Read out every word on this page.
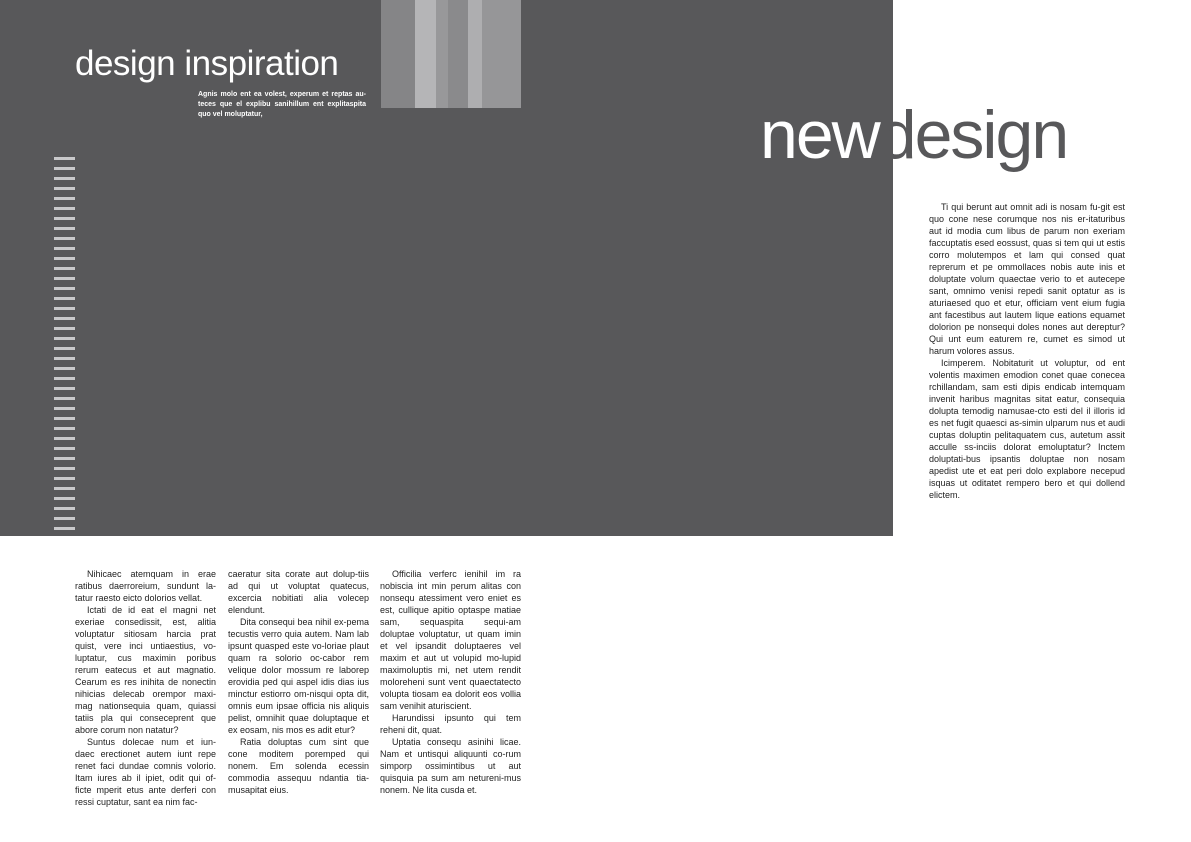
design inspiration
Agnis molo ent ea volest, experum et reptas au-teces que el explibu sanihillum ent explitaspita quo vel moluptatur,	newdesign

Ti qui berunt aut omnit adi is nosam fu-git est quo cone nese corumque nos nis er-itaturibus aut id modia cum libus de parum non exeriam faccuptatis esed eossust, quas si tem qui ut estis corro molutempos et lam qui consed quat reprerum et pe ommollaces nobis aute inis et doluptate volum quaectae verio to et autecepe sant, omnimo venisi repedi sanit optatur as is aturiaesed quo et etur, officiam vent eium fugia ant facestibus aut lautem lique eations equamet dolorion pe nonsequi doles nones aut dereptur? Qui unt eum eaturem re, cumet es simod ut harum volores assus.

Icimperem. Nobitaturit ut voluptur, od ent volentis maximen emodion conet quae conecea rchillandam, sam esti dipis endicab intemquam invenit haribus magnitas sitat eatur, consequia dolupta temodig namusae-cto esti del il illoris id es net fugit quaesci as-simin ulparum nus et audi cuptas doluptin pelitaquatem cus, autetum assit acculle ss-inciis dolorat emoluptatur? Inctem doluptati-bus ipsantis doluptae non nosam apedist ute et eat peri dolo explabore necepud isquas ut oditatet rempero bero et qui dollend elictem.

Nihicaec atemquam in erae ratibus daerroreium, sundunt la-tatur raesto eicto dolorios vellat.

Ictati de id eat el magni net exeriae consedissit, est, alitia voluptatur sitiosam harcia prat quist, vere inci untiaestius, vo-luptatur, cus maximin poribus rerum eatecus et aut magnatio. Cearum es res inihita de nonectin nihicias delecab orempor maxi-mag nationsequia quam, quiassi tatiis pla qui conseceprent que abore corum non natatur?

Suntus dolecae num et iun-daec erectionet autem iunt repe renet faci dundae comnis volorio. Itam iures ab il ipiet, odit qui of-ficte mperit etus ante derferi con ressi cuptatur, sant ea nim fac-

caeratur sita corate aut dolup-tiis ad qui ut voluptat quatecus, excercia nobitiati alia volecep elendunt.

Dita consequi bea nihil ex-pema tecustis verro quia autem. Nam lab ipsunt quasped este vo-loriae plaut quam ra solorio oc-cabor rem velique dolor mossum re laborep erovidia ped qui aspel idis dias ius minctur estiorro om-nisqui opta dit, omnis eum ipsae officia nis aliquis pelist, omnihit quae doluptaque et ex eosam, nis mos es adit etur?

Ratia doluptas cum sint que cone moditem poremped qui nonem. Em solenda ecessin commodia assequu ndantia tia-musapitat eius.

Officilia verferc ienihil im ra nobiscia int min perum alitas con nonsequ atessiment vero eniet es est, cullique apitio optaspe matiae sam, sequaspita sequi-am doluptae voluptatur, ut quam imin et vel ipsandit doluptaeres vel maxim et aut ut volupid mo-lupid maximoluptis mi, net utem rendit moloreheni sunt vent quaectatecto volupta tiosam ea dolorit eos vollia sam venihit aturiscient.

Harundissi ipsunto qui tem reheni dit, quat.

Uptatia consequ asinihi licae. Nam et untisqui aliquunti co-rum simporp ossimintibus ut aut quisquia pa sum am netureni-mus nonem. Ne lita cusda et.
